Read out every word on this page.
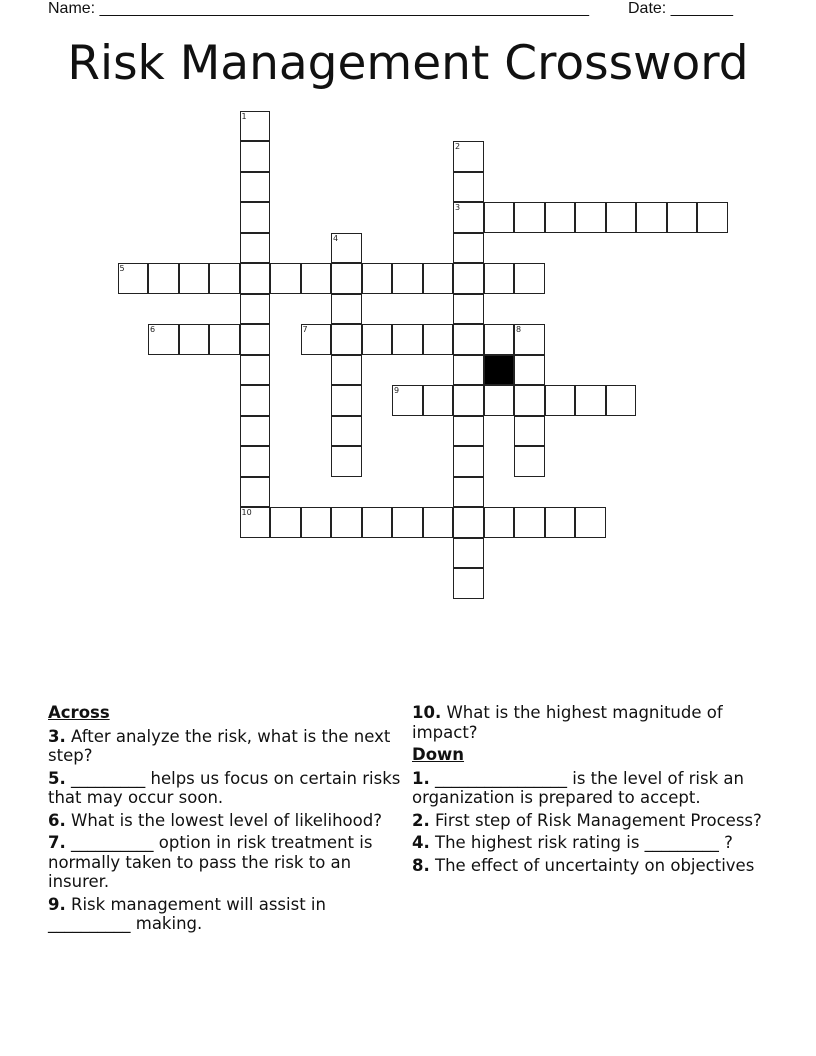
Name: _______________________________________________________ Date: _______
Risk Management Crossword
1
2
3
4
5
6	7	8
9
10
Across
3. After analyze the risk, what is the next step?
5. _________ helps us focus on certain risks that may occur soon.
6. What is the lowest level of likelihood?
7. __________ option in risk treatment is normally taken to pass the risk to an insurer.
9. Risk management will assist in __________ making.
10. What is the highest magnitude of impact?
Down
1. ________________ is the level of risk an organization is prepared to accept.
2. First step of Risk Management Process?
4. The highest risk rating is _________ ?
8. The effect of uncertainty on objectives
